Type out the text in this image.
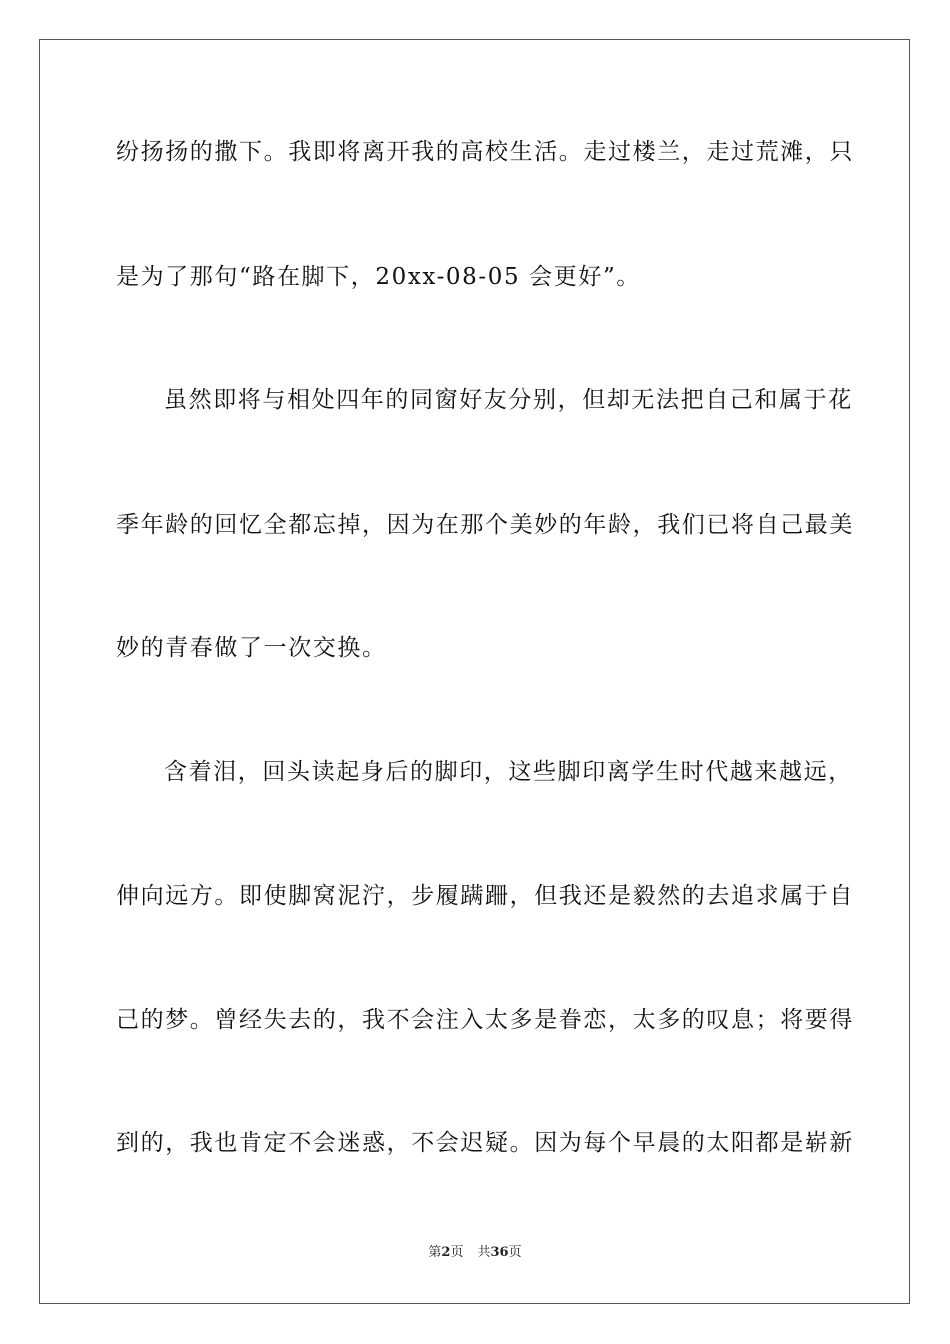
纷扬扬的撒下。我即将离开我的高校生活。走过楼兰，走过荒滩，只
是为了那句“路在脚下，20xx-08-05 会更好”。
虽然即将与相处四年的同窗好友分别，但却无法把自己和属于花
季年龄的回忆全都忘掉，因为在那个美妙的年龄，我们已将自己最美
妙的青春做了一次交换。
含着泪，回头读起身后的脚印，这些脚印离学生时代越来越远，
伸向远方。即使脚窝泥泞，步履蹒跚，但我还是毅然的去追求属于自
己的梦。曾经失去的，我不会注入太多是眷恋，太多的叹息；将要得
到的，我也肯定不会迷惑，不会迟疑。因为每个早晨的太阳都是崭新
第2页 共36页
